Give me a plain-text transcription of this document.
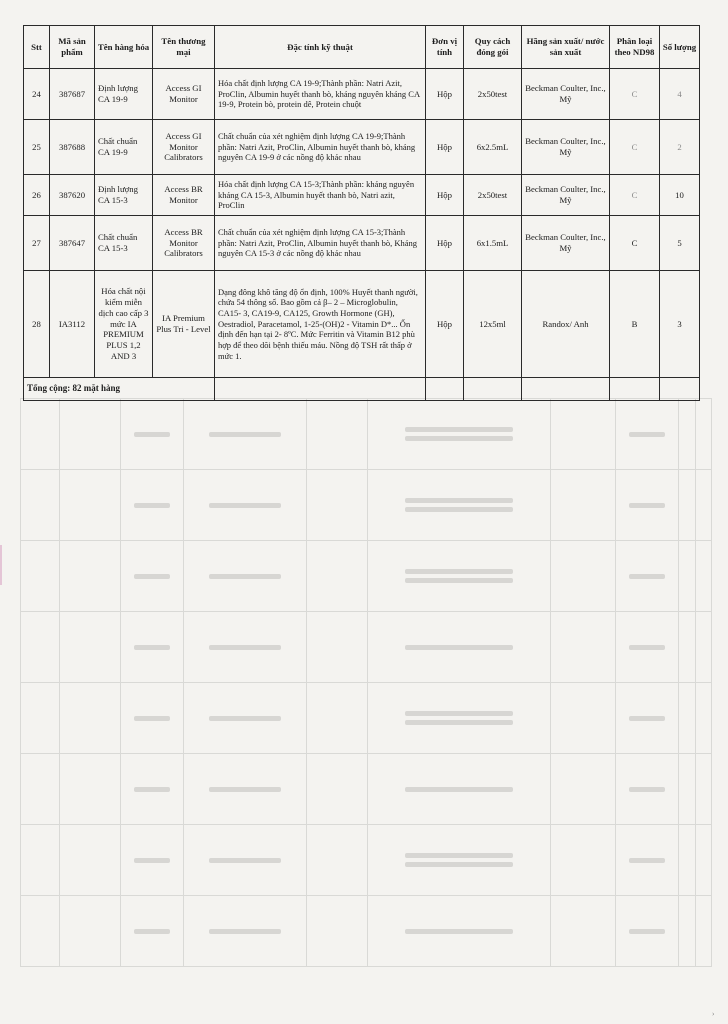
Stt	Mã sản phẩm	Tên hàng hóa	Tên thương mại	Đặc tính kỹ thuật	Đơn vị tính	Quy cách đóng gói	Hãng sản xuất/ nước sản xuất	Phân loại theo ND98	Số lượng
24	387687	Định lượng CA 19-9	Access GI Monitor	Hóa chất định lượng CA 19-9;Thành phần: Natri Azit, ProClin, Albumin huyết thanh bò, kháng nguyên kháng CA 19-9, Protein bò, protein dê, Protein chuột	Hộp	2x50test	Beckman Coulter, Inc., Mỹ	C	4
25	387688	Chất chuẩn CA 19-9	Access GI Monitor Calibrators	Chất chuẩn của xét nghiệm định lượng CA 19-9;Thành phần: Natri Azit, ProClin, Albumin huyết thanh bò, kháng nguyên CA 19-9 ở các nồng độ khác nhau	Hộp	6x2.5mL	Beckman Coulter, Inc., Mỹ	C	2
26	387620	Định lượng CA 15-3	Access BR Monitor	Hóa chất định lượng CA 15-3;Thành phần: kháng nguyên kháng CA 15-3, Albumin huyết thanh bò, Natri azit, ProClin	Hộp	2x50test	Beckman Coulter, Inc., Mỹ	C	10
27	387647	Chất chuẩn CA 15-3	Access BR Monitor Calibrators	Chất chuẩn của xét nghiệm định lượng CA 15-3;Thành phần: Natri Azit, ProClin, Albumin huyết thanh bò, Kháng nguyên CA 15-3 ở các nồng độ khác nhau	Hộp	6x1.5mL	Beckman Coulter, Inc., Mỹ	C	5
28	IA3112	Hóa chất nội kiểm miễn dịch cao cấp 3 mức IA PREMIUM PLUS 1,2 AND 3	IA Premium Plus Tri - Level	Dạng đông khô tăng độ ổn định, 100% Huyết thanh người, chứa 54 thông số. Bao gồm cả β– 2 – Microglobulin, CA15- 3, CA19-9, CA125, Growth Hormone (GH), Oestradiol, Paracetamol, 1-25-(OH)2 - Vitamin D*... Ổn định đến hạn tại 2- 8ºC. Mức Ferritin và Vitamin B12 phù hợp để theo dõi bệnh thiếu máu. Nồng độ TSH rất thấp ở mức 1.	Hộp	12x5ml	Randox/ Anh	B	3
Tổng cộng: 82 mặt hàng									
›
